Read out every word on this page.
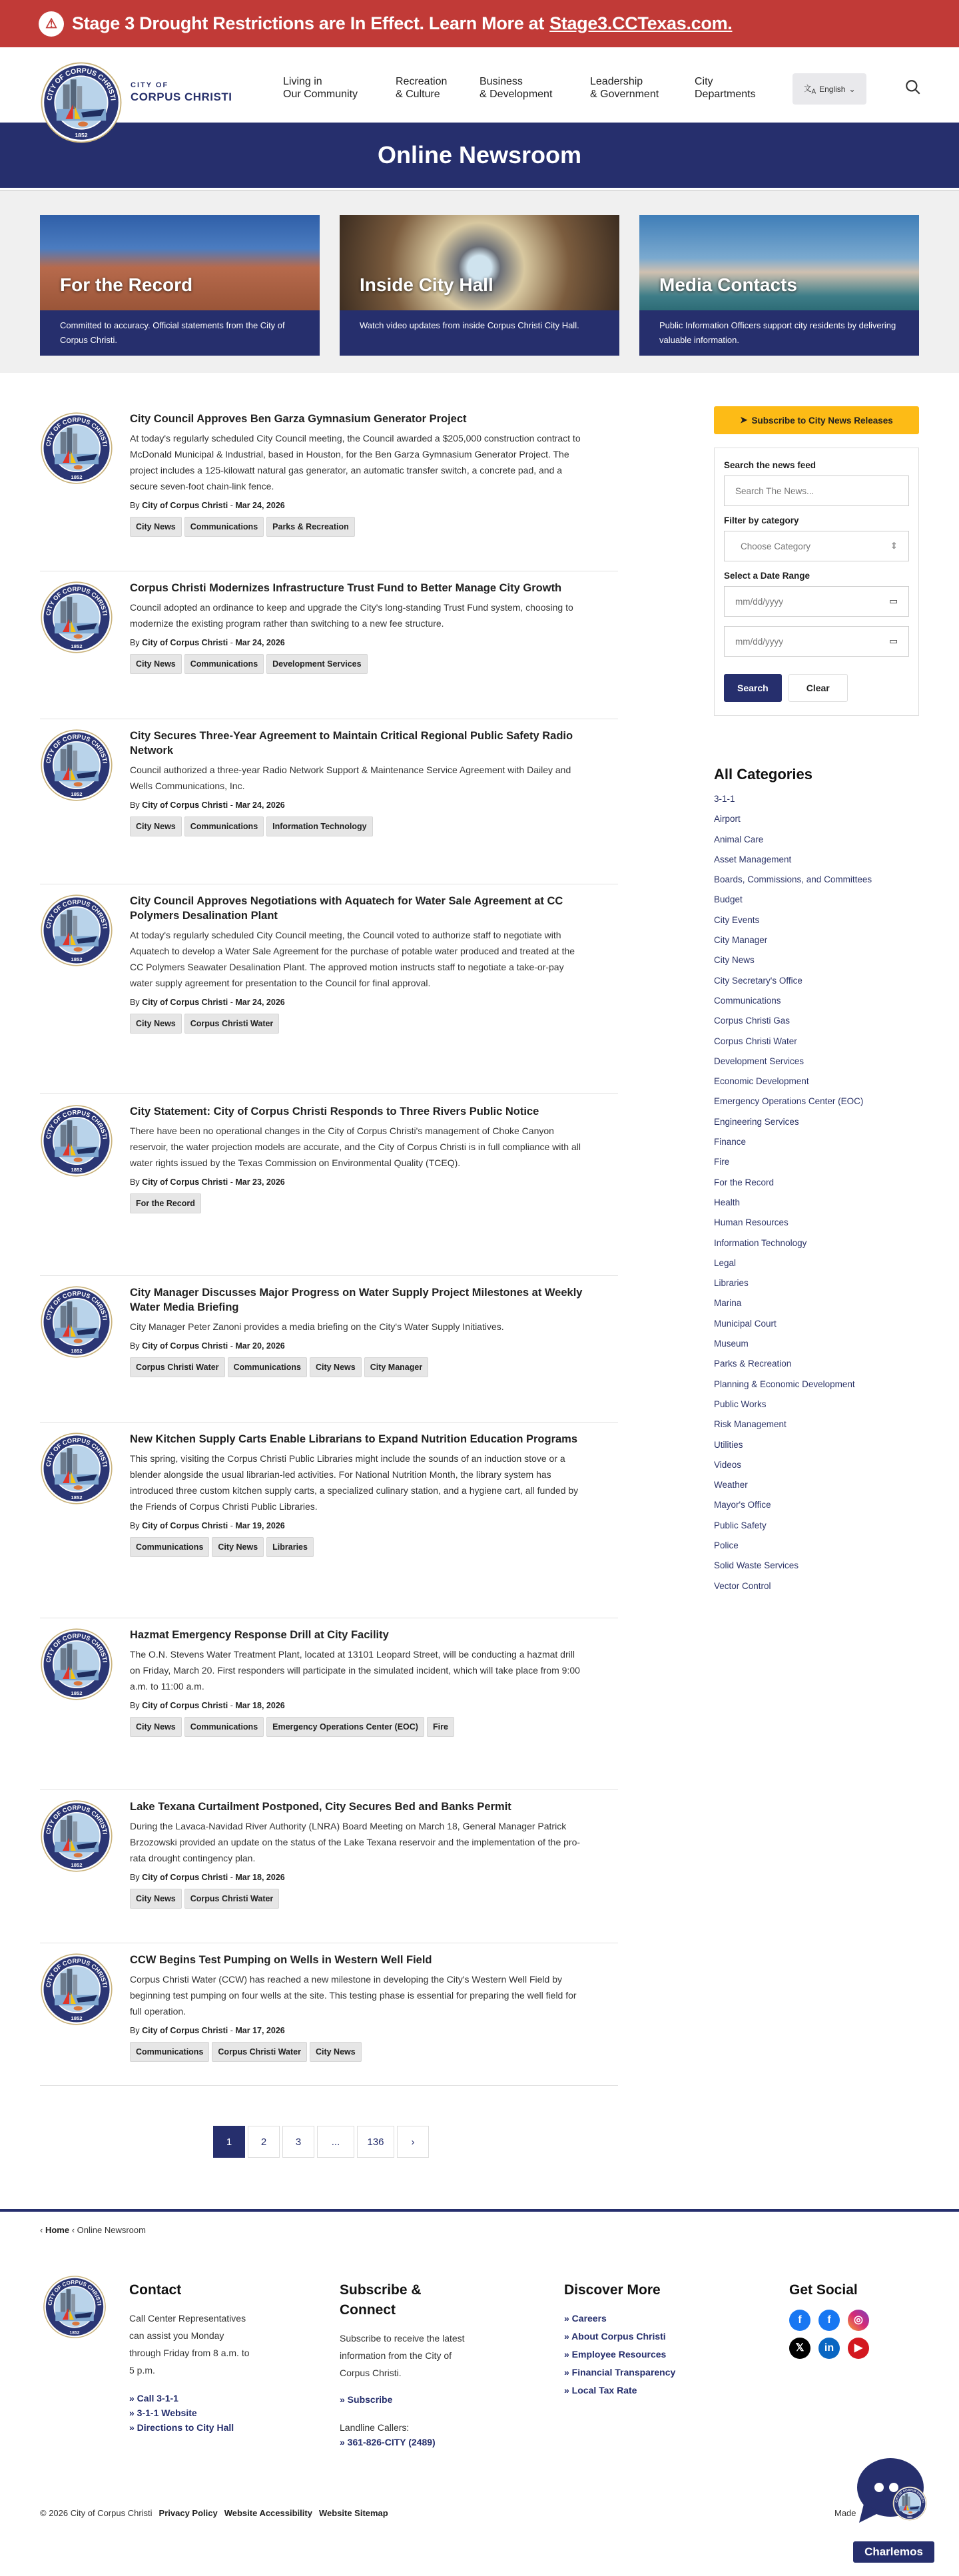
⚠ Stage 3 Drought Restrictions are In Effect. Learn More at Stage3.CCTexas.com.
CITY OF
CORPUS CHRISTI
Living in
Our Community
Recreation
& Culture
Business
& Development
Leadership
& Government
City
Departments
文$_A$ English ⌄
Online Newsroom
For the Record
Committed to accuracy. Official statements from the City of Corpus Christi.
Inside City Hall
Watch video updates from inside Corpus Christi City Hall.
Media Contacts
Public Information Officers support city residents by delivering valuable information.
City Council Approves Ben Garza Gymnasium Generator Project

At today's regularly scheduled City Council meeting, the Council awarded a $205,000 construction contract to McDonald Municipal & Industrial, based in Houston, for the Ben Garza Gymnasium Generator Project. The project includes a 125-kilowatt natural gas generator, an automatic transfer switch, a concrete pad, and a secure seven-foot chain-link fence.

By City of Corpus Christi - Mar 24, 2026
City News	Communications	Parks & Recreation
Corpus Christi Modernizes Infrastructure Trust Fund to Better Manage City Growth

Council adopted an ordinance to keep and upgrade the City's long-standing Trust Fund system, choosing to modernize the existing program rather than switching to a new fee structure.

By City of Corpus Christi - Mar 24, 2026
City News	Communications	Development Services
City Secures Three-Year Agreement to Maintain Critical Regional Public Safety Radio Network

Council authorized a three-year Radio Network Support & Maintenance Service Agreement with Dailey and Wells Communications, Inc.

By City of Corpus Christi - Mar 24, 2026
City News	Communications	Information Technology
City Council Approves Negotiations with Aquatech for Water Sale Agreement at CC Polymers Desalination Plant

At today's regularly scheduled City Council meeting, the Council voted to authorize staff to negotiate with Aquatech to develop a Water Sale Agreement for the purchase of potable water produced and treated at the CC Polymers Seawater Desalination Plant. The approved motion instructs staff to negotiate a take-or-pay water supply agreement for presentation to the Council for final approval.

By City of Corpus Christi - Mar 24, 2026
City News	Corpus Christi Water
City Statement: City of Corpus Christi Responds to Three Rivers Public Notice

There have been no operational changes in the City of Corpus Christi's management of Choke Canyon reservoir, the water projection models are accurate, and the City of Corpus Christi is in full compliance with all water rights issued by the Texas Commission on Environmental Quality (TCEQ).

By City of Corpus Christi - Mar 23, 2026
For the Record
City Manager Discusses Major Progress on Water Supply Project Milestones at Weekly Water Media Briefing

City Manager Peter Zanoni provides a media briefing on the City's Water Supply Initiatives.

By City of Corpus Christi - Mar 20, 2026
Corpus Christi Water	Communications	City News	City Manager
New Kitchen Supply Carts Enable Librarians to Expand Nutrition Education Programs

This spring, visiting the Corpus Christi Public Libraries might include the sounds of an induction stove or a blender alongside the usual librarian-led activities. For National Nutrition Month, the library system has introduced three custom kitchen supply carts, a specialized culinary station, and a hygiene cart, all funded by the Friends of Corpus Christi Public Libraries.

By City of Corpus Christi - Mar 19, 2026
Communications	City News	Libraries
Hazmat Emergency Response Drill at City Facility

The O.N. Stevens Water Treatment Plant, located at 13101 Leopard Street, will be conducting a hazmat drill on Friday, March 20. First responders will participate in the simulated incident, which will take place from 9:00 a.m. to 11:00 a.m.

By City of Corpus Christi - Mar 18, 2026
City News	Communications	Emergency Operations Center (EOC)	Fire
Lake Texana Curtailment Postponed, City Secures Bed and Banks Permit

During the Lavaca-Navidad River Authority (LNRA) Board Meeting on March 18, General Manager Patrick Brzozowski provided an update on the status of the Lake Texana reservoir and the implementation of the pro-rata drought contingency plan.

By City of Corpus Christi - Mar 18, 2026
City News	Corpus Christi Water
CCW Begins Test Pumping on Wells in Western Well Field

Corpus Christi Water (CCW) has reached a new milestone in developing the City's Western Well Field by beginning test pumping on four wells at the site. This testing phase is essential for preparing the well field for full operation.

By City of Corpus Christi - Mar 17, 2026
Communications	Corpus Christi Water	City News
1	2	3	...	136	›
➤ Subscribe to City News Releases
Search the news feed
Search The News...
Filter by category
Choose Category	⇕
Select a Date Range
mm/dd/yyyy	▭
mm/dd/yyyy	▭
Search	Clear
All Categories
3-1-1
Airport
Animal Care
Asset Management
Boards, Commissions, and Committees
Budget
City Events
City Manager
City News
City Secretary's Office
Communications
Corpus Christi Gas
Corpus Christi Water
Development Services
Economic Development
Emergency Operations Center (EOC)
Engineering Services
Finance
Fire
For the Record
Health
Human Resources
Information Technology
Legal
Libraries
Marina
Municipal Court
Museum
Parks & Recreation
Planning & Economic Development
Public Works
Risk Management
Utilities
Videos
Weather
Mayor's Office
Public Safety
Police
Solid Waste Services
Vector Control
‹ Home ‹ Online Newsroom
Contact

Call Center Representatives can assist you Monday through Friday from 8 a.m. to 5 p.m.

» Call 3-1-1
» 3-1-1 Website
» Directions to City Hall
Subscribe & Connect

Subscribe to receive the latest information from the City of Corpus Christi.

» Subscribe

Landline Callers:

» 361-826-CITY (2489)
Discover More
» Careers
» About Corpus Christi
» Employee Resources
» Financial Transparency
» Local Tax Rate
Get Social
f	f	◎
𝕏	in	▶
© 2026 City of Corpus Christi Privacy Policy Website Accessibility Website Sitemap	Made
Charlemos
